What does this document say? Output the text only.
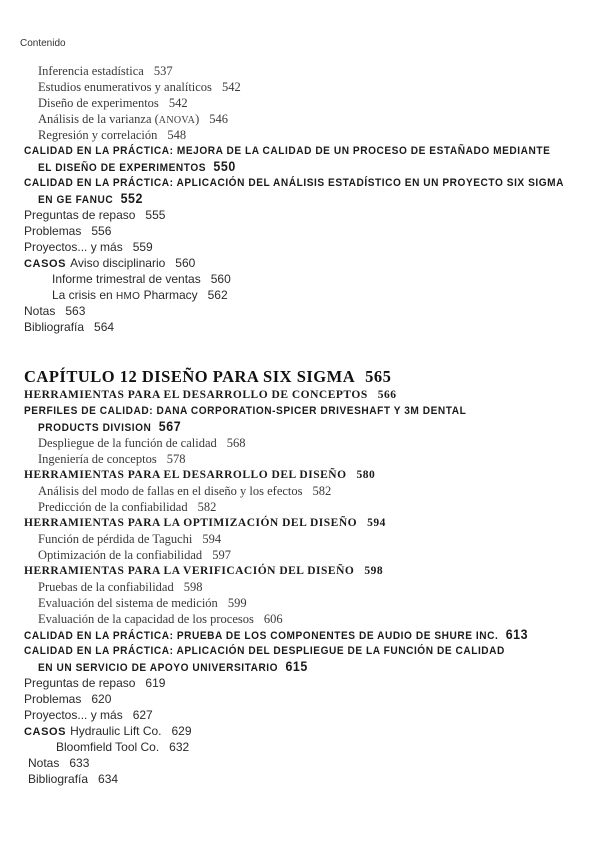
Contenido
Inferencia estadística 537
Estudios enumerativos y analíticos 542
Diseño de experimentos 542
Análisis de la varianza (ANOVA) 546
Regresión y correlación 548
CALIDAD EN LA PRÁCTICA: MEJORA DE LA CALIDAD DE UN PROCESO DE ESTAÑADO MEDIANTE
EL DISEÑO DE EXPERIMENTOS 550
CALIDAD EN LA PRÁCTICA: APLICACIÓN DEL ANÁLISIS ESTADÍSTICO EN UN PROYECTO SIX SIGMA
EN GE FANUC 552
Preguntas de repaso 555
Problemas 556
Proyectos... y más 559
CASOS Aviso disciplinario 560
Informe trimestral de ventas 560
La crisis en HMO Pharmacy 562
Notas 563
Bibliografía 564
CAPÍTULO 12 DISEÑO PARA SIX SIGMA 565
HERRAMIENTAS PARA EL DESARROLLO DE CONCEPTOS 566
PERFILES DE CALIDAD: DANA CORPORATION-SPICER DRIVESHAFT Y 3M DENTAL
PRODUCTS DIVISION 567
Despliegue de la función de calidad 568
Ingeniería de conceptos 578
HERRAMIENTAS PARA EL DESARROLLO DEL DISEÑO 580
Análisis del modo de fallas en el diseño y los efectos 582
Predicción de la confiabilidad 582
HERRAMIENTAS PARA LA OPTIMIZACIÓN DEL DISEÑO 594
Función de pérdida de Taguchi 594
Optimización de la confiabilidad 597
HERRAMIENTAS PARA LA VERIFICACIÓN DEL DISEÑO 598
Pruebas de la confiabilidad 598
Evaluación del sistema de medición 599
Evaluación de la capacidad de los procesos 606
CALIDAD EN LA PRÁCTICA: PRUEBA DE LOS COMPONENTES DE AUDIO DE SHURE INC. 613
CALIDAD EN LA PRÁCTICA: APLICACIÓN DEL DESPLIEGUE DE LA FUNCIÓN DE CALIDAD
EN UN SERVICIO DE APOYO UNIVERSITARIO 615
Preguntas de repaso 619
Problemas 620
Proyectos... y más 627
CASOS Hydraulic Lift Co. 629
Bloomfield Tool Co. 632
Notas 633
Bibliografía 634
